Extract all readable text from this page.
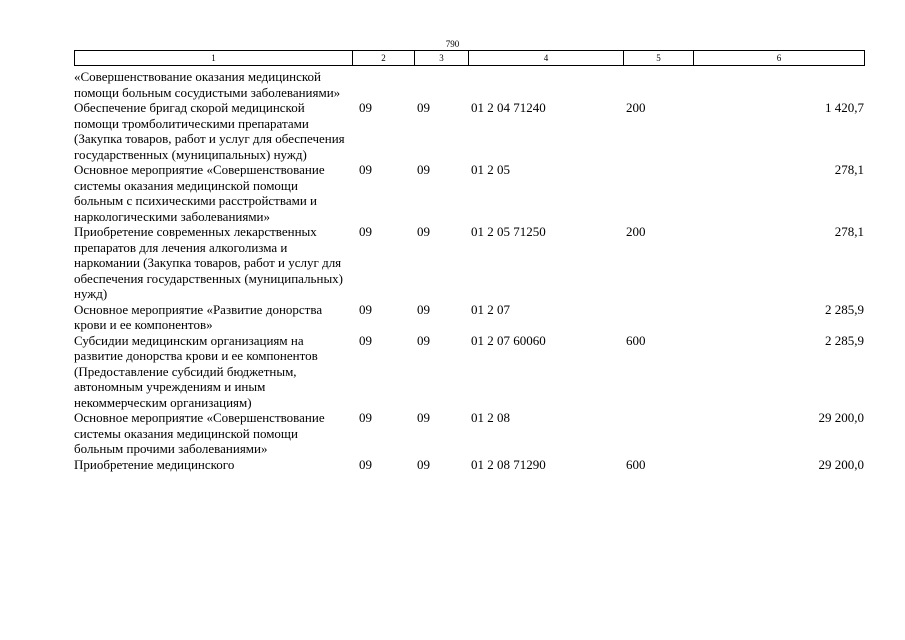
790
1	2	3	4	5	6
«Совершенствование оказания медицинской помощи больным сосудистыми заболеваниями»					
Обеспечение бригад скорой медицинской помощи тромболитическими препаратами (Закупка товаров, работ и услуг для обеспечения государственных (муниципальных) нужд)	09	09	01 2 04 71240	200	1 420,7
Основное мероприятие «Совершенствование системы оказания медицинской помощи больным с психическими расстройствами и наркологическими заболеваниями»	09	09	01 2 05		278,1
Приобретение современных лекарственных препаратов для лечения алкоголизма и наркомании (Закупка товаров, работ и услуг для обеспечения государственных (муниципальных) нужд)	09	09	01 2 05 71250	200	278,1
Основное мероприятие «Развитие донорства крови и ее компонентов»	09	09	01 2 07		2 285,9
Субсидии медицинским организациям на развитие донорства крови и ее компонентов (Предоставление субсидий бюджетным, автономным учреждениям и иным некоммерческим организациям)	09	09	01 2 07 60060	600	2 285,9
Основное мероприятие «Совершенствование системы оказания медицинской помощи больным прочими заболеваниями»	09	09	01 2 08		29 200,0
Приобретение медицинского	09	09	01 2 08 71290	600	29 200,0
